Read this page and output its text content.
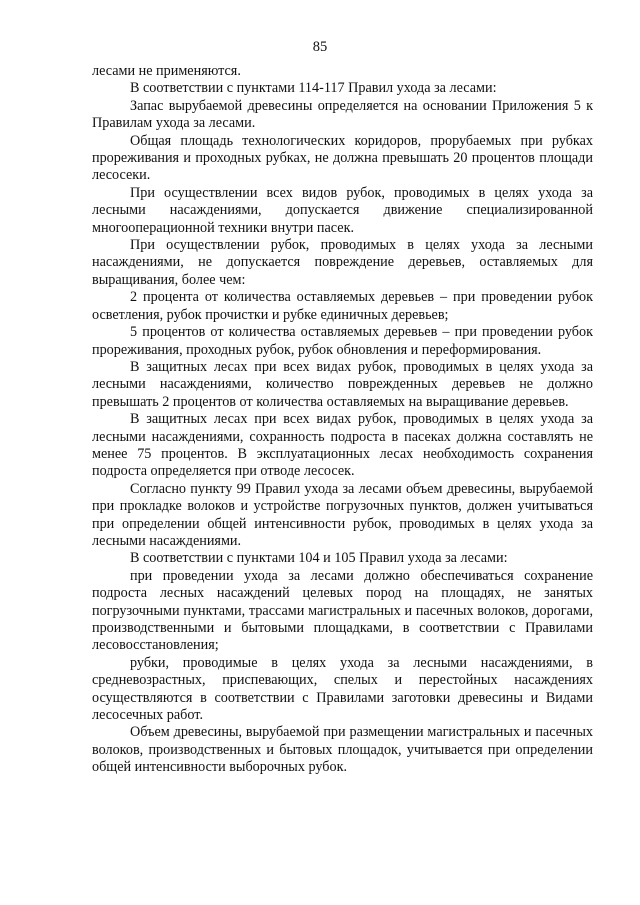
85

лесами не применяются.

В соответствии с пунктами 114-117 Правил ухода за лесами:

Запас вырубаемой древесины определяется на основании Приложения 5 к Правилам ухода за лесами.

Общая площадь технологических коридоров, прорубаемых при рубках прореживания и проходных рубках, не должна превышать 20 процентов площади лесосеки.

При осуществлении всех видов рубок, проводимых в целях ухода за лесными насаждениями, допускается движение специализированной многооперационной техники внутри пасек.

При осуществлении рубок, проводимых в целях ухода за лесными насаждениями, не допускается повреждение деревьев, оставляемых для выращивания, более чем:

2 процента от количества оставляемых деревьев – при проведении рубок осветления, рубок прочистки и рубке единичных деревьев;

5 процентов от количества оставляемых деревьев – при проведении рубок прореживания, проходных рубок, рубок обновления и переформирования.

В защитных лесах при всех видах рубок, проводимых в целях ухода за лесными насаждениями, количество поврежденных деревьев не должно превышать 2 процентов от количества оставляемых на выращивание деревьев.

В защитных лесах при всех видах рубок, проводимых в целях ухода за лесными насаждениями, сохранность подроста в пасеках должна составлять не менее 75 процентов. В эксплуатационных лесах необходимость сохранения подроста определяется при отводе лесосек.

Согласно пункту 99 Правил ухода за лесами объем древесины, вырубаемой при прокладке волоков и устройстве погрузочных пунктов, должен учитываться при определении общей интенсивности рубок, проводимых в целях ухода за лесными насаждениями.

В соответствии с пунктами 104 и 105 Правил ухода за лесами:

при проведении ухода за лесами должно обеспечиваться сохранение подроста лесных насаждений целевых пород на площадях, не занятых погрузочными пунктами, трассами магистральных и пасечных волоков, дорогами, производственными и бытовыми площадками, в соответствии с Правилами лесовосстановления;

рубки, проводимые в целях ухода за лесными насаждениями, в средневозрастных, приспевающих, спелых и перестойных насаждениях осуществляются в соответствии с Правилами заготовки древесины и Видами лесосечных работ.

Объем древесины, вырубаемой при размещении магистральных и пасечных волоков, производственных и бытовых площадок, учитывается при определении общей интенсивности выборочных рубок.
